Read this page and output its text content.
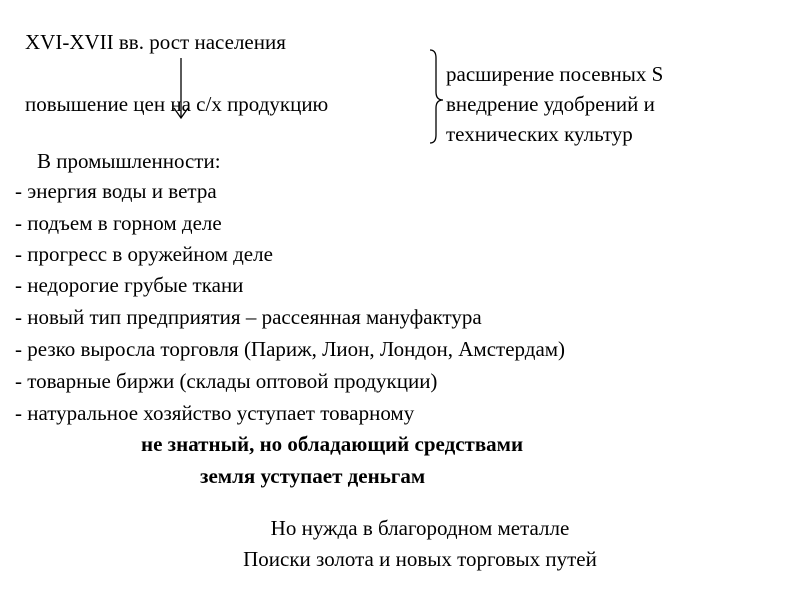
XVI-XVII вв. рост населения
расширение посевных S
повышение цен на с/х продукцию	внедрение удобрений и
технических культур
В промышленности:
- энергия воды и ветра
- подъем в горном деле
- прогресс в оружейном деле
- недорогие грубые ткани
- новый тип предприятия – рассеянная мануфактура
- резко выросла торговля (Париж, Лион, Лондон, Амстердам)
- товарные биржи (склады оптовой продукции)
- натуральное хозяйство уступает товарному
не знатный, но обладающий средствами
земля уступает деньгам
Но нужда в благородном металле
Поиски золота и новых торговых путей
